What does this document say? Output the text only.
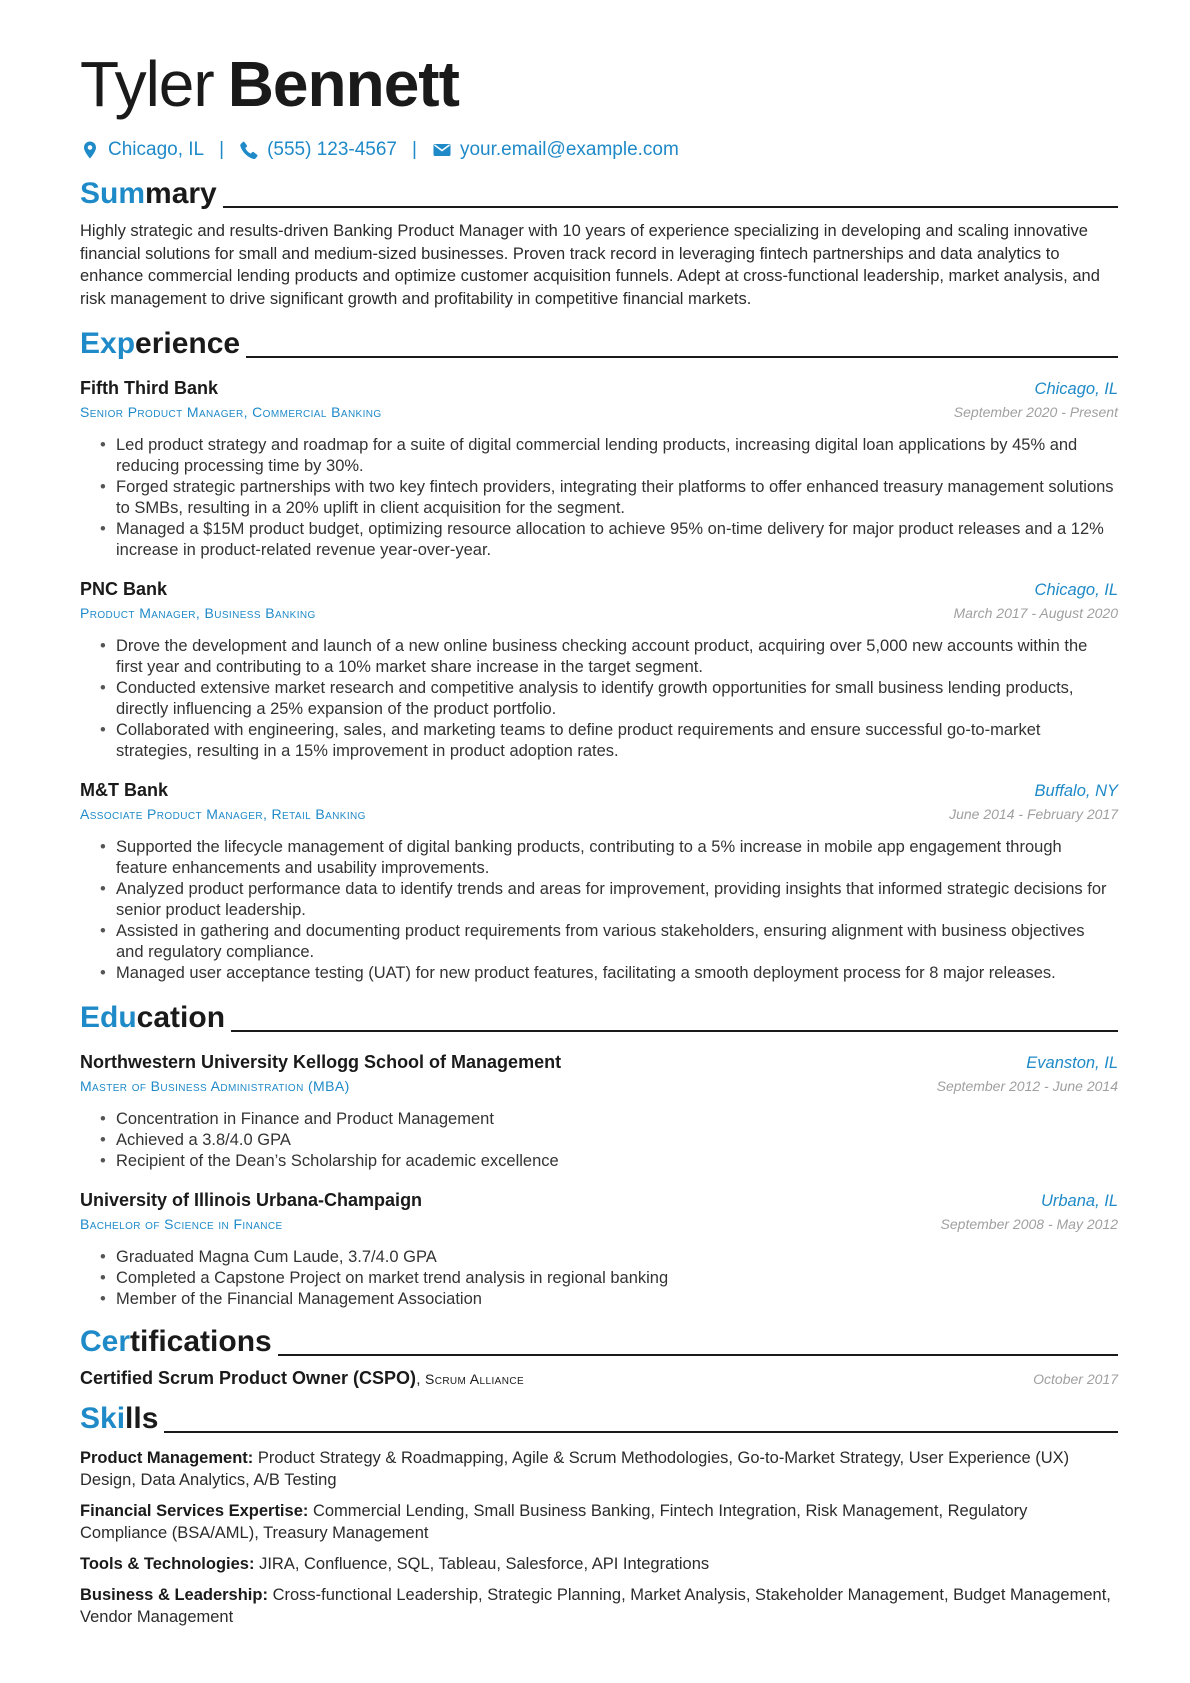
Tyler Bennett
Chicago, IL | (555) 123-4567 | your.email@example.com
Summary
Highly strategic and results-driven Banking Product Manager with 10 years of experience specializing in developing and scaling innovative financial solutions for small and medium-sized businesses. Proven track record in leveraging fintech partnerships and data analytics to enhance commercial lending products and optimize customer acquisition funnels. Adept at cross-functional leadership, market analysis, and risk management to drive significant growth and profitability in competitive financial markets.
Experience
Fifth Third Bank	Chicago, IL
Senior Product Manager, Commercial Banking	September 2020 - Present
• Led product strategy and roadmap for a suite of digital commercial lending products, increasing digital loan applications by 45% and reducing processing time by 30%.
• Forged strategic partnerships with two key fintech providers, integrating their platforms to offer enhanced treasury management solutions to SMBs, resulting in a 20% uplift in client acquisition for the segment.
• Managed a $15M product budget, optimizing resource allocation to achieve 95% on-time delivery for major product releases and a 12% increase in product-related revenue year-over-year.
PNC Bank	Chicago, IL
Product Manager, Business Banking	March 2017 - August 2020
• Drove the development and launch of a new online business checking account product, acquiring over 5,000 new accounts within the first year and contributing to a 10% market share increase in the target segment.
• Conducted extensive market research and competitive analysis to identify growth opportunities for small business lending products, directly influencing a 25% expansion of the product portfolio.
• Collaborated with engineering, sales, and marketing teams to define product requirements and ensure successful go-to-market strategies, resulting in a 15% improvement in product adoption rates.
M&T Bank	Buffalo, NY
Associate Product Manager, Retail Banking	June 2014 - February 2017
• Supported the lifecycle management of digital banking products, contributing to a 5% increase in mobile app engagement through feature enhancements and usability improvements.
• Analyzed product performance data to identify trends and areas for improvement, providing insights that informed strategic decisions for senior product leadership.
• Assisted in gathering and documenting product requirements from various stakeholders, ensuring alignment with business objectives and regulatory compliance.
• Managed user acceptance testing (UAT) for new product features, facilitating a smooth deployment process for 8 major releases.
Education
Northwestern University Kellogg School of Management	Evanston, IL
Master of Business Administration (MBA)	September 2012 - June 2014
• Concentration in Finance and Product Management
• Achieved a 3.8/4.0 GPA
• Recipient of the Dean’s Scholarship for academic excellence
University of Illinois Urbana-Champaign	Urbana, IL
Bachelor of Science in Finance	September 2008 - May 2012
• Graduated Magna Cum Laude, 3.7/4.0 GPA
• Completed a Capstone Project on market trend analysis in regional banking
• Member of the Financial Management Association
Certifications
Certified Scrum Product Owner (CSPO), Scrum Alliance	October 2017
Skills
Product Management: Product Strategy & Roadmapping, Agile & Scrum Methodologies, Go-to-Market Strategy, User Experience (UX) Design, Data Analytics, A/B Testing
Financial Services Expertise: Commercial Lending, Small Business Banking, Fintech Integration, Risk Management, Regulatory Compliance (BSA/AML), Treasury Management
Tools & Technologies: JIRA, Confluence, SQL, Tableau, Salesforce, API Integrations
Business & Leadership: Cross-functional Leadership, Strategic Planning, Market Analysis, Stakeholder Management, Budget Management, Vendor Management
